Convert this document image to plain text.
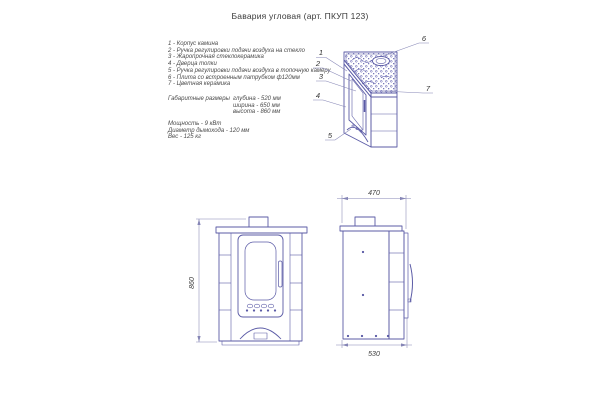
Бавария угловая (арт. ПКУП 123)
1 - Корпус камина
2 - Ручка регулировки подачи воздуха на стекло
3 - Жаропрочная стеклокерамика
4 - Дверца топки
5 - Ручка регулировки подачи воздуха в топочную камеру
6 - Плита со встроенным патрубком ф120мм
7 - Цветная керамика
Габаритные размеры глубина - 520 мм
ширина - 650 мм
высота - 860 мм
Мощность - 9 кВт
Диаметр дымохода - 120 мм
Вес - 125 кг
1
2
3
4
5
6
7
860
470
530
